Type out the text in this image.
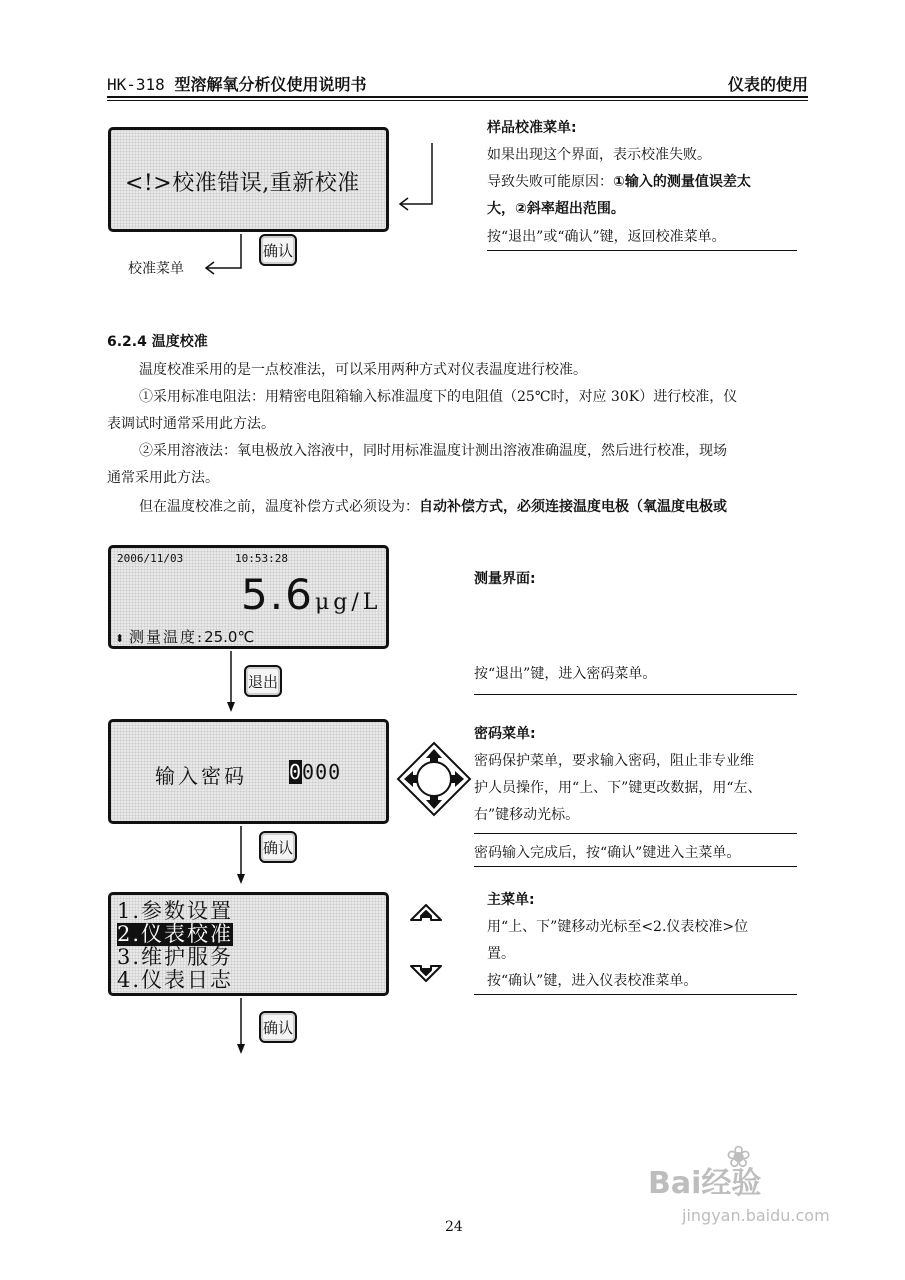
HK-318 型溶解氧分析仪使用说明书	仪表的使用
<!>校准错误,重新校准
确认
校准菜单
样品校准菜单:
如果出现这个界面，表示校准失败。
导致失败可能原因：①输入的测量值误差太
大，②斜率超出范围。
按“退出”或“确认”键，返回校准菜单。
6.2.4 温度校准
温度校准采用的是一点校准法，可以采用两种方式对仪表温度进行校准。
①采用标准电阻法：用精密电阻箱输入标准温度下的电阻值（25℃时，对应 30K）进行校准，仪
表调试时通常采用此方法。
②采用溶液法：氧电极放入溶液中，同时用标准温度计测出溶液准确温度，然后进行校准，现场
通常采用此方法。
但在温度校准之前，温度补偿方式必须设为：自动补偿方式，必须连接温度电极（氧温度电极或
2006/11/03	10:53:28
5.6 μg/L
⬍ 测量温度:25.0℃
退出
测量界面:
按“退出”键，进入密码菜单。
输入密码 0000
确认
密码菜单:
密码保护菜单，要求输入密码，阻止非专业维
护人员操作，用“上、下”键更改数据，用“左、
右”键移动光标。
密码输入完成后，按“确认”键进入主菜单。
1.参数设置
2.仪表校准
3.维护服务
4.仪表日志
确认
主菜单:
用“上、下”键移动光标至<2.仪表校准>位
置。
按“确认”键，进入仪表校准菜单。
24
❀
Bai经验
jingyan.baidu.com
